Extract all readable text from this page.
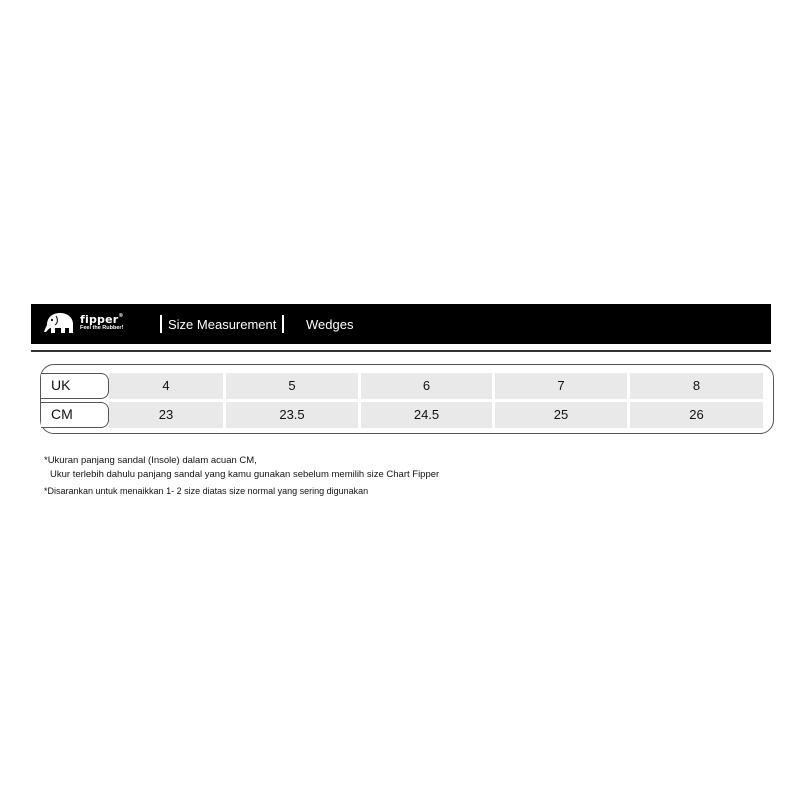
fipper®
Feel the Rubber!	Size Measurement Wedges
UK	4	5	6	7	8
CM	23	23.5	24.5	25	26
*Ukuran panjang sandal (Insole) dalam acuan CM,
Ukur terlebih dahulu panjang sandal yang kamu gunakan sebelum memilih size Chart Fipper
*Disarankan untuk menaikkan 1- 2 size diatas size normal yang sering digunakan
